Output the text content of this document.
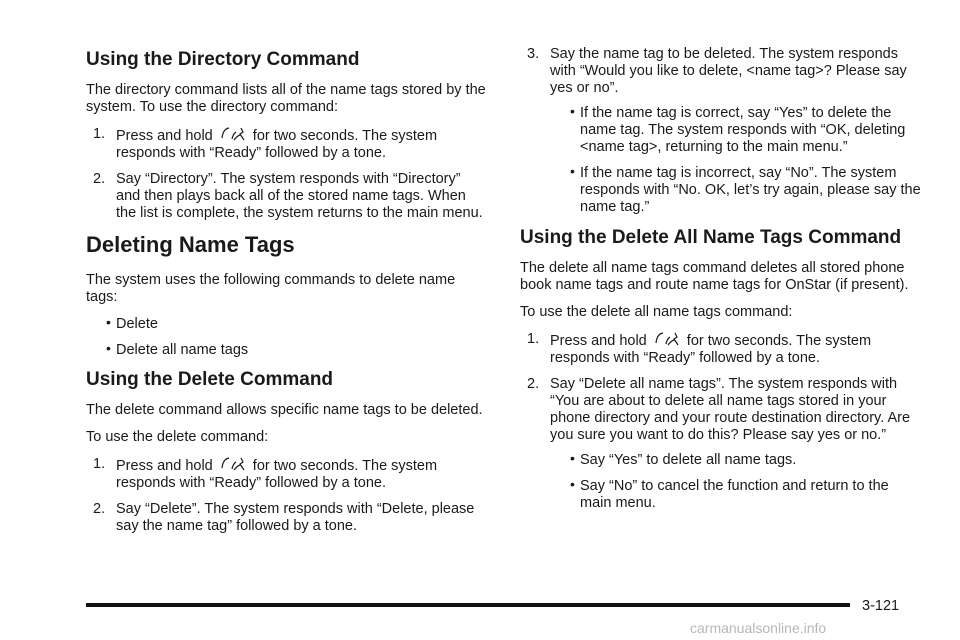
Using the Directory Command

The directory command lists all of the name tags stored by the system. To use the directory command:

1. Press and hold	for two seconds. The system responds with “Ready” followed by a tone.
2. Say “Directory”. The system responds with “Directory” and then plays back all of the stored name tags. When the list is complete, the system returns to the main menu.
Deleting Name Tags

The system uses the following commands to delete name tags:

• Delete
• Delete all name tags
Using the Delete Command

The delete command allows specific name tags to be deleted.

To use the delete command:

1. Press and hold	for two seconds. The system responds with “Ready” followed by a tone.
2. Say “Delete”. The system responds with “Delete, please say the name tag” followed by a tone.
3. Say the name tag to be deleted. The system responds with “Would you like to delete, <name tag>? Please say yes or no”.
• If the name tag is correct, say “Yes” to delete the name tag. The system responds with “OK, deleting <name tag>, returning to the main menu.”
• If the name tag is incorrect, say “No”. The system responds with “No. OK, let’s try again, please say the name tag.”
Using the Delete All Name Tags Command

The delete all name tags command deletes all stored phone book name tags and route name tags for OnStar (if present).

To use the delete all name tags command:

1. Press and hold	for two seconds. The system responds with “Ready” followed by a tone.
2. Say “Delete all name tags”. The system responds with “You are about to delete all name tags stored in your phone directory and your route destination directory. Are you sure you want to do this? Please say yes or no.”
• Say “Yes” to delete all name tags.
• Say “No” to cancel the function and return to the main menu.
3-121
carmanualsonline.info
